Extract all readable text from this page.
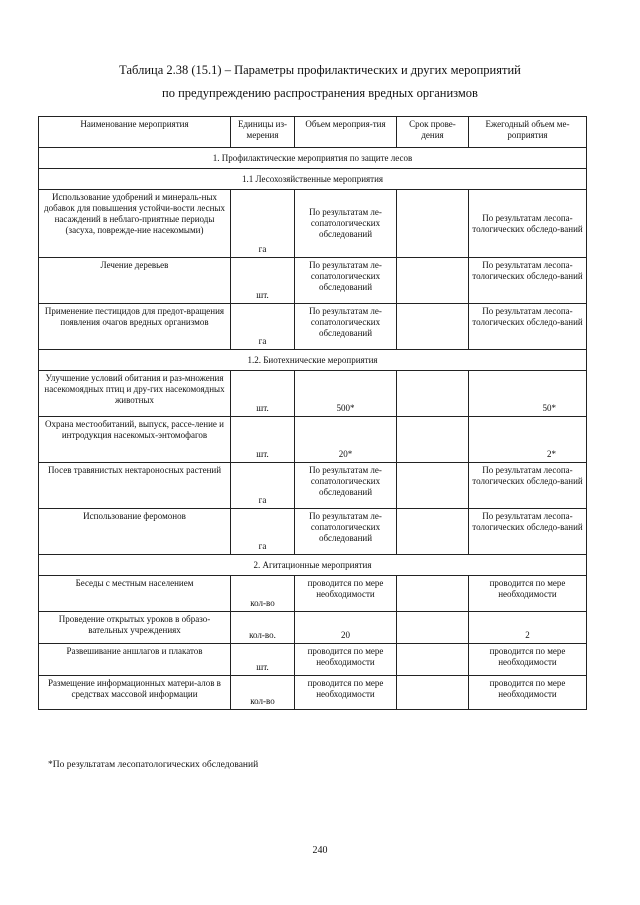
Таблица 2.38 (15.1) – Параметры профилактических и других мероприятий
по предупреждению распространения вредных организмов
Наименование мероприятия	Единицы из-мерения	Объем мероприя-тия	Срок прове-дения	Ежегодный объем ме-роприятия
1. Профилактические мероприятия по защите лесов				
1.1 Лесохозяйственные мероприятия				
Использование удобрений и минераль-ных добавок для повышения устойчи-вости лесных насаждений в неблаго-приятные периоды (засуха, поврежде-ние насекомыми)	га	По результатам ле-сопатологических обследований		По результатам лесопа-тологических обследо-ваний
Лечение деревьев	шт.	По результатам ле-сопатологических обследований		По результатам лесопа-тологических обследо-ваний
Применение пестицидов для предот-вращения появления очагов вредных организмов	га	По результатам ле-сопатологических обследований		По результатам лесопа-тологических обследо-ваний
1.2. Биотехнические мероприятия				
Улучшение условий обитания и раз-множения насекомоядных птиц и дру-гих насекомоядных животных	шт.	500*		50*
Охрана местообитаний, выпуск, рассе-ление и интродукция насекомых-энтомофагов	шт.	20*		2*
Посев травянистых нектароносных растений	га	По результатам ле-сопатологических обследований		По результатам лесопа-тологических обследо-ваний
Использование феромонов	га	По результатам ле-сопатологических обследований		По результатам лесопа-тологических обследо-ваний
2. Агитационные мероприятия				
Беседы с местным населением	кол-во	проводится по мере необходимости		проводится по мере необходимости
Проведение открытых уроков в образо-вательных учреждениях	кол-во.	20		2
Развешивание аншлагов и плакатов	шт.	проводится по мере необходимости		проводится по мере необходимости
Размещение информационных матери-алов в средствах массовой информации	кол-во	проводится по мере необходимости		проводится по мере необходимости
*По результатам лесопатологических обследований
240
